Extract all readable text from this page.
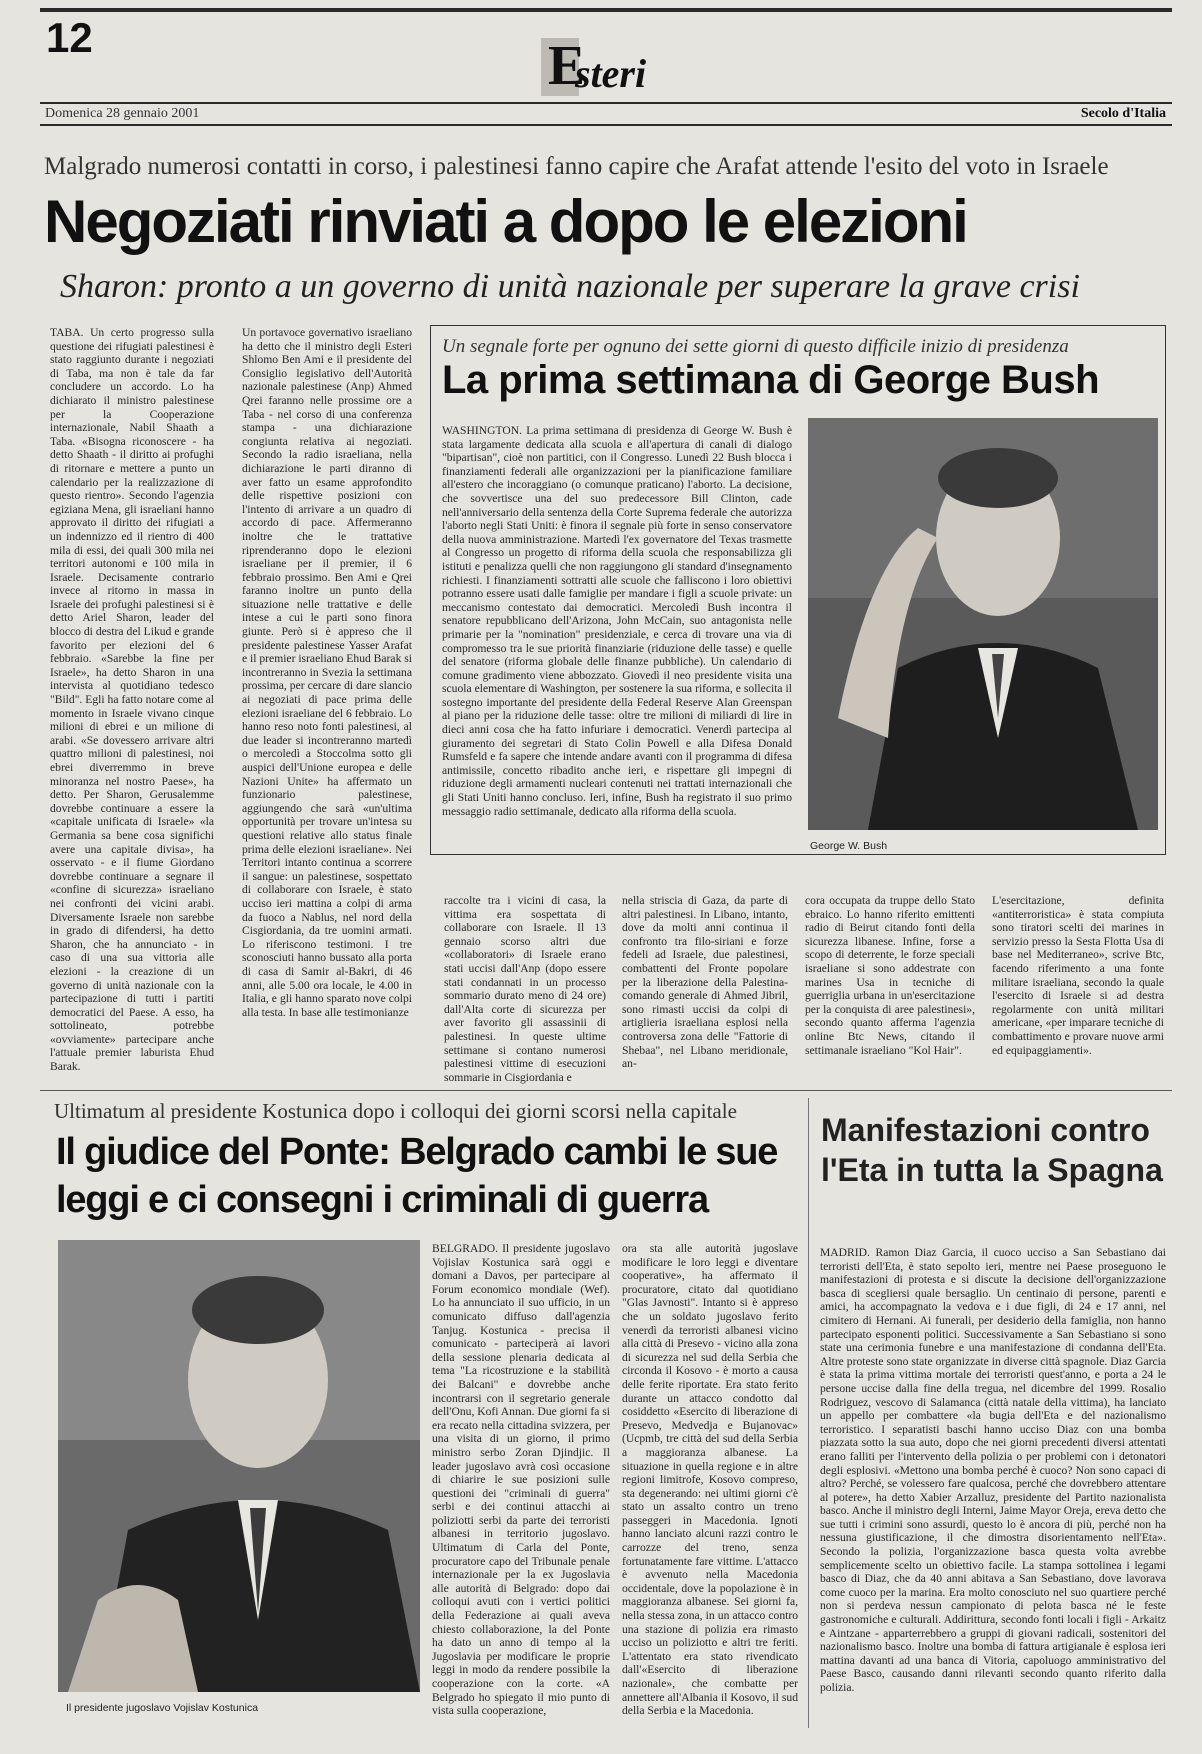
12	E
steri
Domenica 28 gennaio 2001	Secolo d'Italia
Malgrado numerosi contatti in corso, i palestinesi fanno capire che Arafat attende l'esito del voto in Israele
Negoziati rinviati a dopo le elezioni
Sharon: pronto a un governo di unità nazionale per superare la grave crisi
TABA. Un certo progresso sulla questione dei rifugiati palestinesi è stato raggiunto durante i negoziati di Taba, ma non è tale da far concludere un accordo. Lo ha dichiarato il ministro palestinese per la Cooperazione internazionale, Nabil Shaath a Taba. «Bisogna riconoscere - ha detto Shaath - il diritto ai profughi di ritornare e mettere a punto un calendario per la realizzazione di questo rientro». Secondo l'agenzia egiziana Mena, gli israeliani hanno approvato il diritto dei rifugiati a un indennizzo ed il rientro di 400 mila di essi, dei quali 300 mila nei territori autonomi e 100 mila in Israele. Decisamente contrario invece al ritorno in massa in Israele dei profughi palestinesi si è detto Ariel Sharon, leader del blocco di destra del Likud e grande favorito per elezioni del 6 febbraio. «Sarebbe la fine per Israele», ha detto Sharon in una intervista al quotidiano tedesco "Bild". Egli ha fatto notare come al momento in Israele vivano cinque milioni di ebrei e un milione di arabi. «Se dovessero arrivare altri quattro milioni di palestinesi, noi ebrei diverremmo in breve minoranza nel nostro Paese», ha detto. Per Sharon, Gerusalemme dovrebbe continuare a essere la «capitale unificata di Israele» «la Germania sa bene cosa significhi avere una capitale divisa», ha osservato - e il fiume Giordano dovrebbe continuare a segnare il «confine di sicurezza» israeliano nei confronti dei vicini arabi. Diversamente Israele non sarebbe in grado di difendersi, ha detto Sharon, che ha annunciato - in caso di una sua vittoria alle elezioni - la creazione di un governo di unità nazionale con la partecipazione di tutti i partiti democratici del Paese. A esso, ha sottolineato, potrebbe «ovviamente» partecipare anche l'attuale premier laburista Ehud Barak.
Un portavoce governativo israeliano ha detto che il ministro degli Esteri Shlomo Ben Ami e il presidente del Consiglio legislativo dell'Autorità nazionale palestinese (Anp) Ahmed Qrei faranno nelle prossime ore a Taba - nel corso di una conferenza stampa - una dichiarazione congiunta relativa ai negoziati. Secondo la radio israeliana, nella dichiarazione le parti diranno di aver fatto un esame approfondito delle rispettive posizioni con l'intento di arrivare a un quadro di accordo di pace. Affermeranno inoltre che le trattative riprenderanno dopo le elezioni israeliane per il premier, il 6 febbraio prossimo. Ben Ami e Qrei faranno inoltre un punto della situazione nelle trattative e delle intese a cui le parti sono finora giunte. Però si è appreso che il presidente palestinese Yasser Arafat e il premier israeliano Ehud Barak si incontreranno in Svezia la settimana prossima, per cercare di dare slancio ai negoziati di pace prima delle elezioni israeliane del 6 febbraio. Lo hanno reso noto fonti palestinesi, al due leader si incontreranno martedì o mercoledì a Stoccolma sotto gli auspici dell'Unione europea e delle Nazioni Unite» ha affermato un funzionario palestinese, aggiungendo che sarà «un'ultima opportunità per trovare un'intesa su questioni relative allo status finale prima delle elezioni israeliane». Nei Territori intanto continua a scorrere il sangue: un palestinese, sospettato di collaborare con Israele, è stato ucciso ieri mattina a colpi di arma da fuoco a Nablus, nel nord della Cisgiordania, da tre uomini armati. Lo riferiscono testimoni. I tre sconosciuti hanno bussato alla porta di casa di Samir al-Bakri, di 46 anni, alle 5.00 ora locale, le 4.00 in Italia, e gli hanno sparato nove colpi alla testa. In base alle testimonianze
Un segnale forte per ognuno dei sette giorni di questo difficile inizio di presidenza
La prima settimana di George Bush
WASHINGTON. La prima settimana di presidenza di George W. Bush è stata largamente dedicata alla scuola e all'apertura di canali di dialogo "bipartisan", cioè non partitici, con il Congresso. Lunedì 22 Bush blocca i finanziamenti federali alle organizzazioni per la pianificazione familiare all'estero che incoraggiano (o comunque praticano) l'aborto. La decisione, che sovvertisce una del suo predecessore Bill Clinton, cade nell'anniversario della sentenza della Corte Suprema federale che autorizza l'aborto negli Stati Uniti: è finora il segnale più forte in senso conservatore della nuova amministrazione. Martedì l'ex governatore del Texas trasmette al Congresso un progetto di riforma della scuola che responsabilizza gli istituti e penalizza quelli che non raggiungono gli standard d'insegnamento richiesti. I finanziamenti sottratti alle scuole che falliscono i loro obiettivi potranno essere usati dalle famiglie per mandare i figli a scuole private: un meccanismo contestato dai democratici. Mercoledì Bush incontra il senatore repubblicano dell'Arizona, John McCain, suo antagonista nelle primarie per la "nomination" presidenziale, e cerca di trovare una via di compromesso tra le sue priorità finanziarie (riduzione delle tasse) e quelle del senatore (riforma globale delle finanze pubbliche). Un calendario di comune gradimento viene abbozzato. Giovedì il neo presidente visita una scuola elementare di Washington, per sostenere la sua riforma, e sollecita il sostegno importante del presidente della Federal Reserve Alan Greenspan al piano per la riduzione delle tasse: oltre tre milioni di miliardi di lire in dieci anni cosa che ha fatto infuriare i democratici. Venerdì partecipa al giuramento dei segretari di Stato Colin Powell e alla Difesa Donald Rumsfeld e fa sapere che intende andare avanti con il programma di difesa antimissile, concetto ribadito anche ieri, e rispettare gli impegni di riduzione degli armamenti nucleari contenuti nei trattati internazionali che gli Stati Uniti hanno concluso. Ieri, infine, Bush ha registrato il suo primo messaggio radio settimanale, dedicato alla riforma della scuola.
George W. Bush
raccolte tra i vicini di casa, la vittima era sospettata di collaborare con Israele. Il 13 gennaio scorso altri due «collaboratori» di Israele erano stati uccisi dall'Anp (dopo essere stati condannati in un processo sommario durato meno di 24 ore) dall'Alta corte di sicurezza per aver favorito gli assassinii di palestinesi. In queste ultime settimane si contano numerosi palestinesi vittime di esecuzioni sommarie in Cisgiordania e
nella striscia di Gaza, da parte di altri palestinesi. In Libano, intanto, dove da molti anni continua il confronto tra filo-siriani e forze fedeli ad Israele, due palestinesi, combattenti del Fronte popolare per la liberazione della Palestina-comando generale di Ahmed Jibril, sono rimasti uccisi da colpi di artiglieria israeliana esplosi nella controversa zona delle "Fattorie di Shebaa", nel Libano meridionale, an-
cora occupata da truppe dello Stato ebraico. Lo hanno riferito emittenti radio di Beirut citando fonti della sicurezza libanese. Infine, forse a scopo di deterrente, le forze speciali israeliane si sono addestrate con marines Usa in tecniche di guerriglia urbana in un'esercitazione per la conquista di aree palestinesi», secondo quanto afferma l'agenzia online Btc News, citando il settimanale israeliano "Kol Hair".
L'esercitazione, definita «antiterroristica» è stata compiuta sono tiratori scelti dei marines in servizio presso la Sesta Flotta Usa di base nel Mediterraneo», scrive Btc, facendo riferimento a una fonte militare israeliana, secondo la quale l'esercito di Israele si ad destra regolarmente con unità militari americane, «per imparare tecniche di combattimento e provare nuove armi ed equipaggiamenti».
Ultimatum al presidente Kostunica dopo i colloqui dei giorni scorsi nella capitale
Il giudice del Ponte: Belgrado cambi le sue leggi e ci consegni i criminali di guerra
Il presidente jugoslavo Vojislav Kostunica
BELGRADO. Il presidente jugoslavo Vojislav Kostunica sarà oggi e domani a Davos, per partecipare al Forum economico mondiale (Wef). Lo ha annunciato il suo ufficio, in un comunicato diffuso dall'agenzia Tanjug. Kostunica - precisa il comunicato - parteciperà ai lavori della sessione plenaria dedicata al tema "La ricostruzione e la stabilità dei Balcani" e dovrebbe anche incontrarsi con il segretario generale dell'Onu, Kofi Annan. Due giorni fa si era recato nella cittadina svizzera, per una visita di un giorno, il primo ministro serbo Zoran Djindjic. Il leader jugoslavo avrà così occasione di chiarire le sue posizioni sulle questioni dei "criminali di guerra" serbi e dei continui attacchi ai poliziotti serbi da parte dei terroristi albanesi in territorio jugoslavo. Ultimatum di Carla del Ponte, procuratore capo del Tribunale penale internazionale per la ex Jugoslavia alle autorità di Belgrado: dopo dai colloqui avuti con i vertici politici della Federazione ai quali aveva chiesto collaborazione, la del Ponte ha dato un anno di tempo al la Jugoslavia per modificare le proprie leggi in modo da rendere possibile la cooperazione con la corte. «A Belgrado ho spiegato il mio punto di vista sulla cooperazione,
ora sta alle autorità jugoslave modificare le loro leggi e diventare cooperative», ha affermato il procuratore, citato dal quotidiano "Glas Javnosti". Intanto si è appreso che un soldato jugoslavo ferito venerdì da terroristi albanesi vicino alla città di Presevo - vicino alla zona di sicurezza nel sud della Serbia che circonda il Kosovo - è morto a causa delle ferite riportate. Era stato ferito durante un attacco condotto dal cosiddetto «Esercito di liberazione di Presevo, Medvedja e Bujanovac» (Ucpmb, tre città del sud della Serbia a maggioranza albanese. La situazione in quella regione e in altre regioni limitrofe, Kosovo compreso, sta degenerando: nei ultimi giorni c'è stato un assalto contro un treno passeggeri in Macedonia. Ignoti hanno lanciato alcuni razzi contro le carrozze del treno, senza fortunatamente fare vittime. L'attacco è avvenuto nella Macedonia occidentale, dove la popolazione è in maggioranza albanese. Sei giorni fa, nella stessa zona, in un attacco contro una stazione di polizia era rimasto ucciso un poliziotto e altri tre feriti. L'attentato era stato rivendicato dall'«Esercito di liberazione nazionale», che combatte per annettere all'Albania il Kosovo, il sud della Serbia e la Macedonia.
Manifestazioni contro l'Eta in tutta la Spagna
MADRID. Ramon Diaz Garcia, il cuoco ucciso a San Sebastiano dai terroristi dell'Eta, è stato sepolto ieri, mentre nei Paese proseguono le manifestazioni di protesta e si discute la decisione dell'organizzazione basca di scegliersi quale bersaglio. Un centinaio di persone, parenti e amici, ha accompagnato la vedova e i due figli, di 24 e 17 anni, nel cimitero di Hernani. Ai funerali, per desiderio della famiglia, non hanno partecipato esponenti politici. Successivamente a San Sebastiano si sono state una cerimonia funebre e una manifestazione di condanna dell'Eta. Altre proteste sono state organizzate in diverse città spagnole. Diaz Garcia è stata la prima vittima mortale dei terroristi quest'anno, e porta a 24 le persone uccise dalla fine della tregua, nel dicembre del 1999. Rosalio Rodriguez, vescovo di Salamanca (città natale della vittima), ha lanciato un appello per combattere «la bugia dell'Eta e del nazionalismo terroristico. I separatisti baschi hanno ucciso Diaz con una bomba piazzata sotto la sua auto, dopo che nei giorni precedenti diversi attentati erano falliti per l'intervento della polizia o per problemi con i detonatori degli esplosivi. «Mettono una bomba perché è cuoco? Non sono capaci di altro? Perché, se volessero fare qualcosa, perché che dovrebbero attentare al potere», ha detto Xabier Arzalluz, presidente del Partito nazionalista basco. Anche il ministro degli Interni, Jaime Mayor Oreja, ereva detto che sue tutti i crimini sono assurdi, questo lo è ancora di più, perché non ha nessuna giustificazione, il che dimostra disorientamento nell'Eta». Secondo la polizia, l'organizzazione basca questa volta avrebbe semplicemente scelto un obiettivo facile. La stampa sottolinea i legami basco di Diaz, che da 40 anni abitava a San Sebastiano, dove lavorava come cuoco per la marina. Era molto conosciuto nel suo quartiere perché non si perdeva nessun campionato di pelota basca né le feste gastronomiche e culturali. Addirittura, secondo fonti locali i figli - Arkaitz e Aintzane - apparterrebbero a gruppi di giovani radicali, sostenitori del nazionalismo basco. Inoltre una bomba di fattura artigianale è esplosa ieri mattina davanti ad una banca di Vitoria, capoluogo amministrativo del Paese Basco, causando danni rilevanti secondo quanto riferito dalla polizia.
